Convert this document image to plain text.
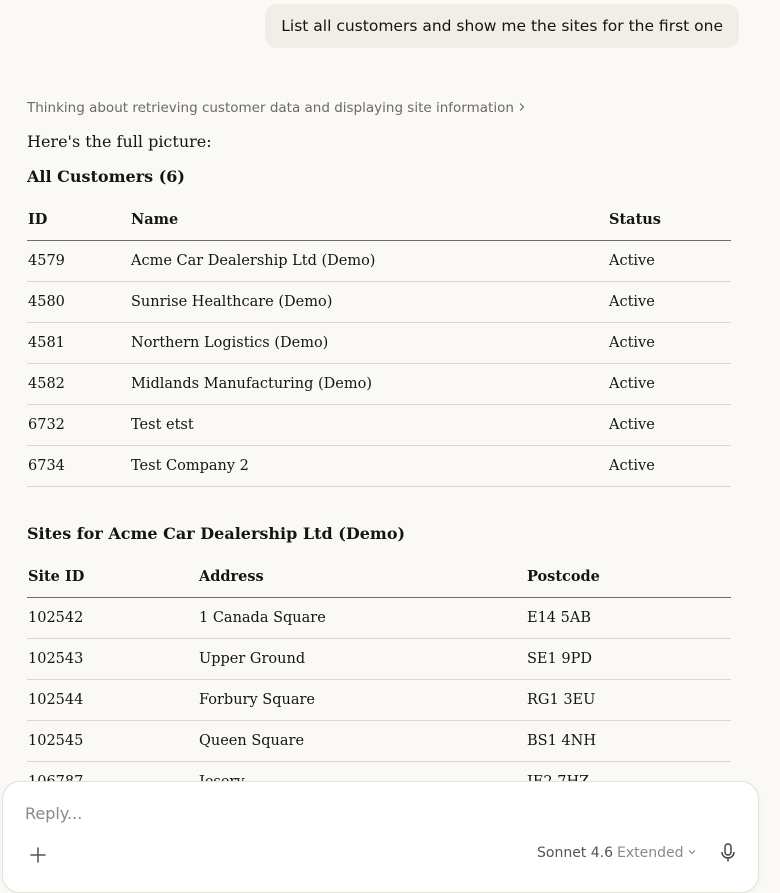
List all customers and show me the sites for the first one
Thinking about retrieving customer data and displaying site information

Here's the full picture:

All Customers (6)
ID	Name	Status
4579	Acme Car Dealership Ltd (Demo)	Active
4580	Sunrise Healthcare (Demo)	Active
4581	Northern Logistics (Demo)	Active
4582	Midlands Manufacturing (Demo)	Active
6732	Test etst	Active
6734	Test Company 2	Active
Sites for Acme Car Dealership Ltd (Demo)
Site ID	Address	Postcode
102542	1 Canada Square	E14 5AB
102543	Upper Ground	SE1 9PD
102544	Forbury Square	RG1 3EU
102545	Queen Square	BS1 4NH

Reply...
Sonnet 4.6 Extended
